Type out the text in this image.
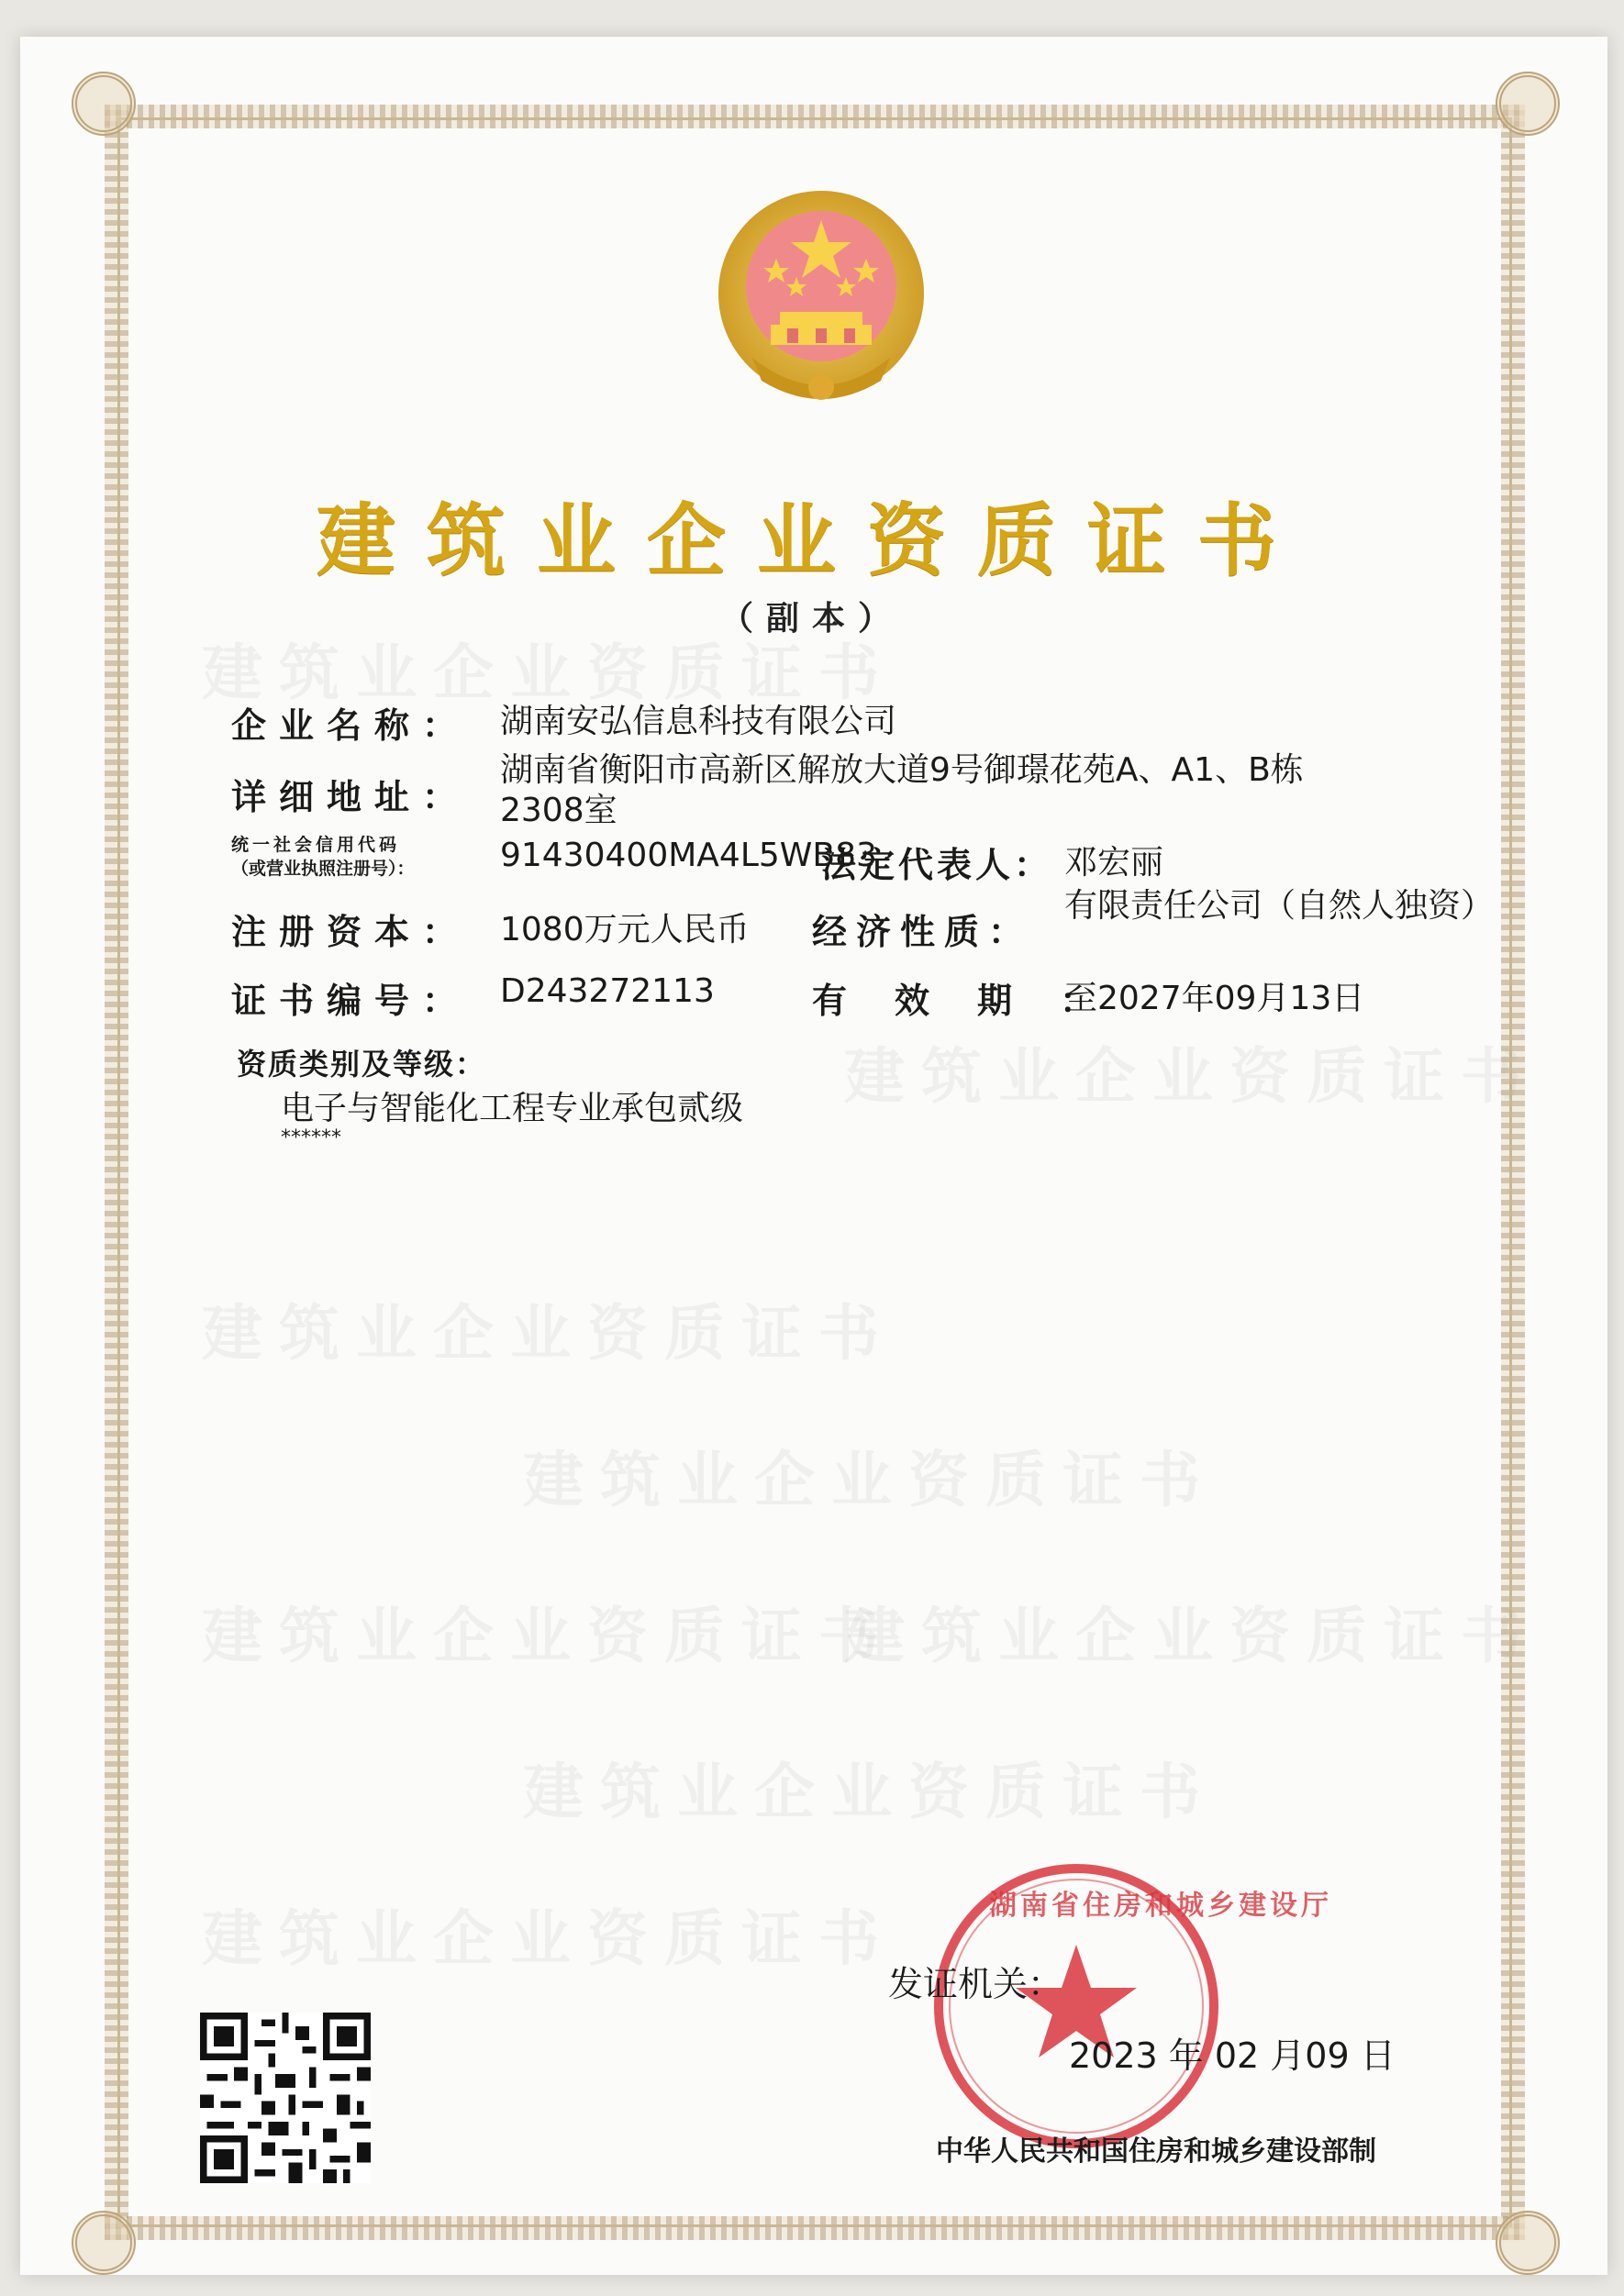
建筑业企业资质证书
建筑业企业资质证书
建筑业企业资质证书
建筑业企业资质证书
建筑业企业资质证书
建筑业企业资质证书
建筑业企业资质证书
建筑业企业资质证书
建筑业企业资质证书
（副本）
企业名称： 湖南安弘信息科技有限公司
详细地址：
湖南省衡阳市高新区解放大道9号御璟花苑A、A1、B栋2308室
统一社会信用代码
（或营业执照注册号）：	91430400MA4L5WB83
法定代表人： 邓宏丽
注册资本： 1080万元人民币 经济性质：
有限责任公司（自然人独资）
证书编号： D243272113	有效期：
至2027年09月13日
资质类别及等级：
电子与智能化工程专业承包贰级
******
湖南省住房和城乡建设厅
发证机关：
2023 年 02 月09 日
中华人民共和国住房和城乡建设部制
